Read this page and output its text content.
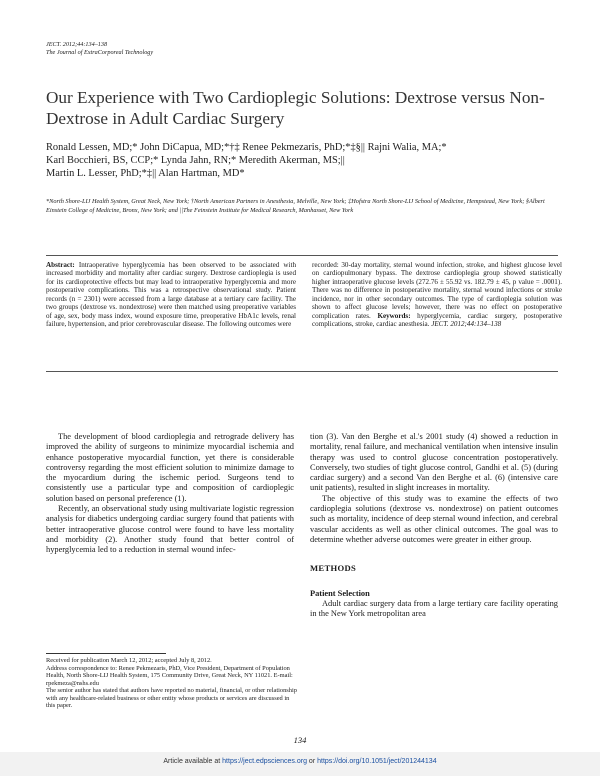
JECT. 2012;44:134–138
The Journal of ExtraCorporeal Technology
Our Experience with Two Cardioplegic Solutions: Dextrose versus Non-Dextrose in Adult Cardiac Surgery
Ronald Lessen, MD;* John DiCapua, MD;*†‡ Renee Pekmezaris, PhD;*‡§|| Rajni Walia, MA;*
Karl Bocchieri, BS, CCP;* Lynda Jahn, RN;* Meredith Akerman, MS;||
Martin L. Lesser, PhD;*‡|| Alan Hartman, MD*
*North Shore-LIJ Health System, Great Neck, New York; †North American Partners in Anesthesia, Melville, New York; ‡Hofstra North Shore-LIJ School of Medicine, Hempstead, New York; §Albert Einstein College of Medicine, Bronx, New York; and ||The Feinstein Institute for Medical Research, Manhasset, New York
Abstract: Intraoperative hyperglycemia has been observed to be associated with increased morbidity and mortality after cardiac surgery. Dextrose cardioplegia is used for its cardioprotective effects but may lead to intraoperative hyperglycemia and more postoperative complications. This was a retrospective observational study. Patient records (n = 2301) were accessed from a large database at a tertiary care facility. The two groups (dextrose vs. nondextrose) were then matched using preoperative variables of age, sex, body mass index, wound exposure time, preoperative HbA1c levels, renal failure, hypertension, and prior cerebrovascular disease. The following outcomes were
recorded: 30-day mortality, sternal wound infection, stroke, and highest glucose level on cardiopulmonary bypass. The dextrose cardioplegia group showed statistically higher intraoperative glucose levels (272.76 ± 55.92 vs. 182.79 ± 45, p value = .0001). There was no difference in postoperative mortality, sternal wound infections or stroke incidence, nor in other secondary outcomes. The type of cardioplegia solution was shown to affect glucose levels; however, there was no effect on postoperative complication rates. Keywords: hyperglycemia, cardiac surgery, postoperative complications, stroke, cardiac anesthesia. JECT. 2012;44:134–138

The development of blood cardioplegia and retrograde delivery has improved the ability of surgeons to minimize myocardial ischemia and enhance postoperative myocardial function, yet there is considerable controversy regarding the most efficient solution to minimize damage to the myocardium during the ischemic period. Surgeons tend to consistently use a particular type and composition of cardioplegic solution based on personal preference (1).

Recently, an observational study using multivariate logistic regression analysis for diabetics undergoing cardiac surgery found that patients with better intraoperative glucose control were found to have less mortality and morbidity (2). Another study found that better control of hyperglycemia led to a reduction in sternal wound infec-

tion (3). Van den Berghe et al.'s 2001 study (4) showed a reduction in mortality, renal failure, and mechanical ventilation when intensive insulin therapy was used to control glucose concentration postoperatively. Conversely, two studies of tight glucose control, Gandhi et al. (5) (during cardiac surgery) and a second Van den Berghe et al. (6) (intensive care unit patients), resulted in slight increases in mortality.

The objective of this study was to examine the effects of two cardioplegia solutions (dextrose vs. nondextrose) on patient outcomes such as mortality, incidence of deep sternal wound infection, and cerebral vascular accidents as well as other clinical outcomes. The goal was to determine whether adverse outcomes were greater in either group.

METHODS
Patient Selection

Adult cardiac surgery data from a large tertiary care facility operating in the New York metropolitan area

Received for publication March 12, 2012; accepted July 8, 2012.
Address correspondence to: Renee Pekmezaris, PhD, Vice President, Department of Population Health, North Shore-LIJ Health System, 175 Community Drive, Great Neck, NY 11021. E-mail: rpekmeza@nshs.edu
The senior author has stated that authors have reported no material, financial, or other relationship with any healthcare-related business or other entity whose products or services are discussed in this paper.
134
Article available at https://ject.edpsciences.org or https://doi.org/10.1051/ject/201244134
